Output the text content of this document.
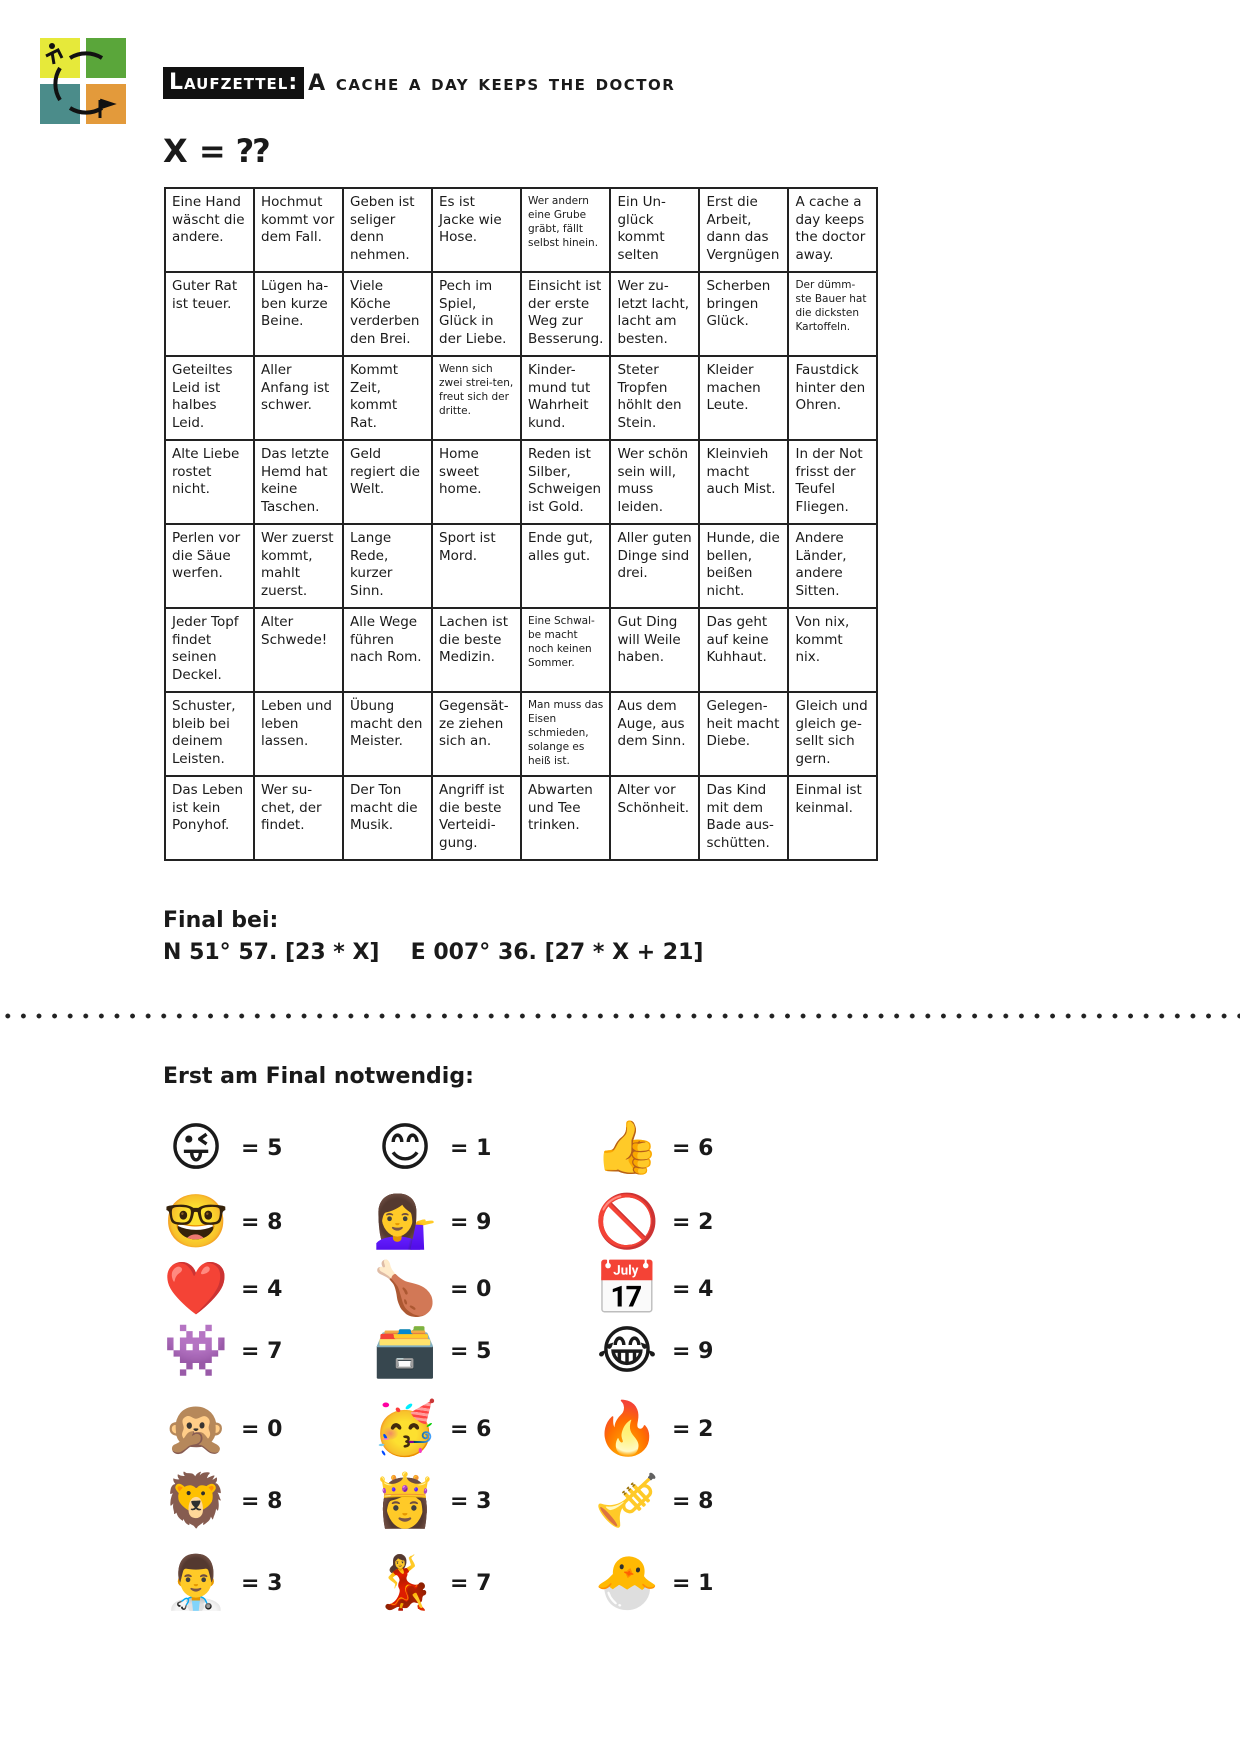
Laufzettel: A cache a day keeps the doctor
X = ⁇
Eine Hand wäscht die andere.	Hochmut kommt vor dem Fall.	Geben ist seliger denn nehmen.	Es ist Jacke wie Hose.	Wer andern eine Grube gräbt, fällt selbst hinein.	Ein Un-glück kommt selten	Erst die Arbeit, dann das Vergnügen	A cache a day keeps the doctor away.
Guter Rat ist teuer.	Lügen ha-ben kurze Beine.	Viele Köche verderben den Brei.	Pech im Spiel, Glück in der Liebe.	Einsicht ist der erste Weg zur Besserung.	Wer zu-letzt lacht, lacht am besten.	Scherben bringen Glück.	Der dümm-ste Bauer hat die dicksten Kartoffeln.
Geteiltes Leid ist halbes Leid.	Aller Anfang ist schwer.	Kommt Zeit, kommt Rat.	Wenn sich zwei strei-ten, freut sich der dritte.	Kinder-mund tut Wahrheit kund.	Steter Tropfen höhlt den Stein.	Kleider machen Leute.	Faustdick hinter den Ohren.
Alte Liebe rostet nicht.	Das letzte Hemd hat keine Taschen.	Geld regiert die Welt.	Home sweet home.	Reden ist Silber, Schweigen ist Gold.	Wer schön sein will, muss leiden.	Kleinvieh macht auch Mist.	In der Not frisst der Teufel Fliegen.
Perlen vor die Säue werfen.	Wer zuerst kommt, mahlt zuerst.	Lange Rede, kurzer Sinn.	Sport ist Mord.	Ende gut, alles gut.	Aller guten Dinge sind drei.	Hunde, die bellen, beißen nicht.	Andere Länder, andere Sitten.
Jeder Topf findet seinen Deckel.	Alter Schwede!	Alle Wege führen nach Rom.	Lachen ist die beste Medizin.	Eine Schwal-be macht noch keinen Sommer.	Gut Ding will Weile haben.	Das geht auf keine Kuhhaut.	Von nix, kommt nix.
Schuster, bleib bei deinem Leisten.	Leben und leben lassen.	Übung macht den Meister.	Gegensät-ze ziehen sich an.	Man muss das Eisen schmieden, solange es heiß ist.	Aus dem Auge, aus dem Sinn.	Gelegen-heit macht Diebe.	Gleich und gleich ge-sellt sich gern.
Das Leben ist kein Ponyhof.	Wer su-chet, der findet.	Der Ton macht die Musik.	Angriff ist die beste Verteidi-gung.	Abwarten und Tee trinken.	Alter vor Schönheit.	Das Kind mit dem Bade aus-schütten.	Einmal ist keinmal.
Final bei:
N 51° 57. [23 * X] E 007° 36. [27 * X + 21]
Erst am Final notwendig:
😜 = 5 😊 = 1 👍 = 6
🤓 = 8 💁‍♀️ = 9 🚫 = 2
❤️ = 4 🍗 = 0 📅 = 4
👾 = 7 🗃️ = 5 😂 = 9
🙊 = 0 🥳 = 6 🔥 = 2
🦁 = 8 👸 = 3 🎺 = 8
👨‍⚕️ = 3 💃 = 7 🐣 = 1
